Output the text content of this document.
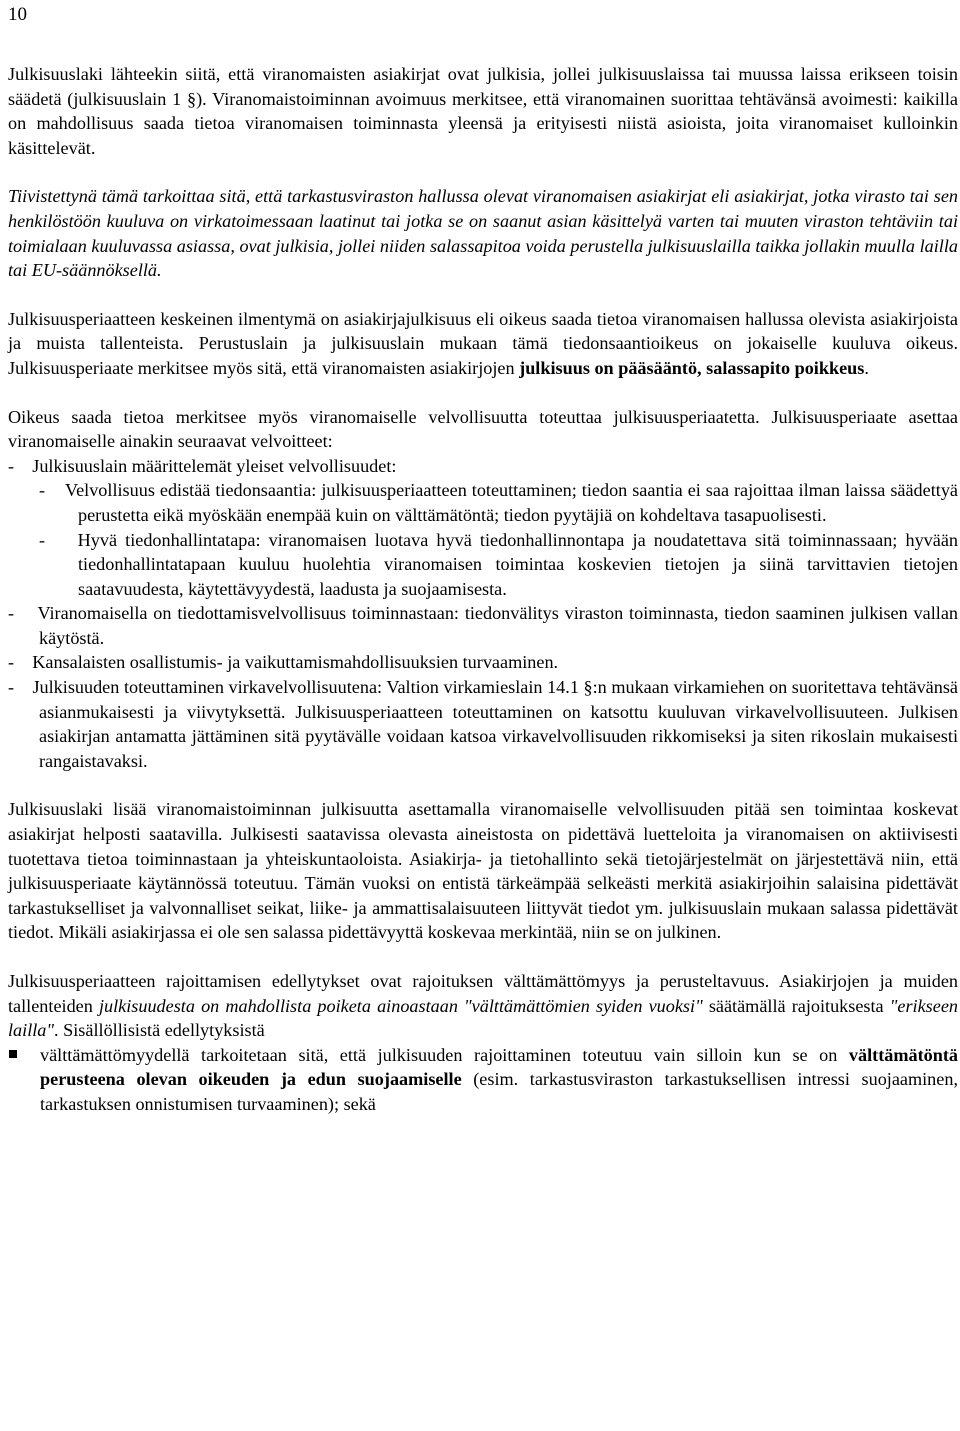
10

Julkisuuslaki lähteekin siitä, että viranomaisten asiakirjat ovat julkisia, jollei julkisuuslaissa tai muussa laissa erikseen toisin säädetä (julkisuuslain 1 §). Viranomaistoiminnan avoimuus merkitsee, että viranomainen suorittaa tehtävänsä avoimesti: kaikilla on mahdollisuus saada tietoa viranomaisen toiminnasta yleensä ja erityisesti niistä asioista, joita viranomaiset kulloinkin käsittelevät.

Tiivistettynä tämä tarkoittaa sitä, että tarkastusviraston hallussa olevat viranomaisen asiakirjat eli asiakirjat, jotka virasto tai sen henkilöstöön kuuluva on virkatoimessaan laatinut tai jotka se on saanut asian käsittelyä varten tai muuten viraston tehtäviin tai toimialaan kuuluvassa asiassa, ovat julkisia, jollei niiden salassapitoa voida perustella julkisuuslailla taikka jollakin muulla lailla tai EU-säännöksellä.

Julkisuusperiaatteen keskeinen ilmentymä on asiakirjajulkisuus eli oikeus saada tietoa viranomaisen hallussa olevista asiakirjoista ja muista tallenteista. Perustuslain ja julkisuuslain mukaan tämä tiedonsaantioikeus on jokaiselle kuuluva oikeus. Julkisuusperiaate merkitsee myös sitä, että viranomaisten asiakirjojen julkisuus on pääsääntö, salassapito poikkeus.

Oikeus saada tietoa merkitsee myös viranomaiselle velvollisuutta toteuttaa julkisuusperiaatetta. Julkisuusperiaate asettaa viranomaiselle ainakin seuraavat velvoitteet:
-    Julkisuuslain määrittelemät yleiset velvollisuudet:
-    Velvollisuus edistää tiedonsaantia: julkisuusperiaatteen toteuttaminen; tiedon saantia ei saa rajoittaa ilman laissa säädettyä perustetta eikä myöskään enempää kuin on välttämätöntä; tiedon pyytäjiä on kohdeltava tasapuolisesti.
-    Hyvä tiedonhallintatapa: viranomaisen luotava hyvä tiedonhallinnontapa ja noudatettava sitä toiminnassaan; hyvään tiedonhallintatapaan kuuluu huolehtia viranomaisen toimintaa koskevien tietojen ja siinä tarvittavien tietojen saatavuudesta, käytettävyydestä, laadusta ja suojaamisesta.
-    Viranomaisella on tiedottamisvelvollisuus toiminnastaan: tiedonvälitys viraston toiminnasta, tiedon saaminen julkisen vallan käytöstä.
-    Kansalaisten osallistumis- ja vaikuttamismahdollisuuksien turvaaminen.
-    Julkisuuden toteuttaminen virkavelvollisuutena: Valtion virkamieslain 14.1 §:n mukaan virkamiehen on suoritettava tehtävänsä asianmukaisesti ja viivytyksettä. Julkisuusperiaatteen toteuttaminen on katsottu kuuluvan virkavelvollisuuteen. Julkisen asiakirjan antamatta jättäminen sitä pyytävälle voidaan katsoa virkavelvollisuuden rikkomiseksi ja siten rikoslain mukaisesti rangaistavaksi.

Julkisuuslaki lisää viranomaistoiminnan julkisuutta asettamalla viranomaiselle velvollisuuden pitää sen toimintaa koskevat asiakirjat helposti saatavilla. Julkisesti saatavissa olevasta aineistosta on pidettävä luetteloita ja viranomaisen on aktiivisesti tuotettava tietoa toiminnastaan ja yhteiskuntaoloista. Asiakirja- ja tietohallinto sekä tietojärjestelmät on järjestettävä niin, että julkisuusperiaate käytännössä toteutuu. Tämän vuoksi on entistä tärkeämpää selkeästi merkitä asiakirjoihin salaisina pidettävät tarkastukselliset ja valvonnalliset seikat, liike- ja ammattisalaisuuteen liittyvät tiedot ym. julkisuuslain mukaan salassa pidettävät tiedot. Mikäli asiakirjassa ei ole sen salassa pidettävyyttä koskevaa merkintää, niin se on julkinen.

Julkisuusperiaatteen rajoittamisen edellytykset ovat rajoituksen välttämättömyys ja perusteltavuus. Asiakirjojen ja muiden tallenteiden julkisuudesta on mahdollista poiketa ainoastaan "välttämättömien syiden vuoksi" säätämällä rajoituksesta "erikseen lailla". Sisällöllisistä edellytyksistä
välttämättömyydellä tarkoitetaan sitä, että julkisuuden rajoittaminen toteutuu vain silloin kun se on välttämätöntä perusteena olevan oikeuden ja edun suojaamiselle (esim. tarkastusviraston tarkastuksellisen intressi suojaaminen, tarkastuksen onnistumisen turvaaminen); sekä
